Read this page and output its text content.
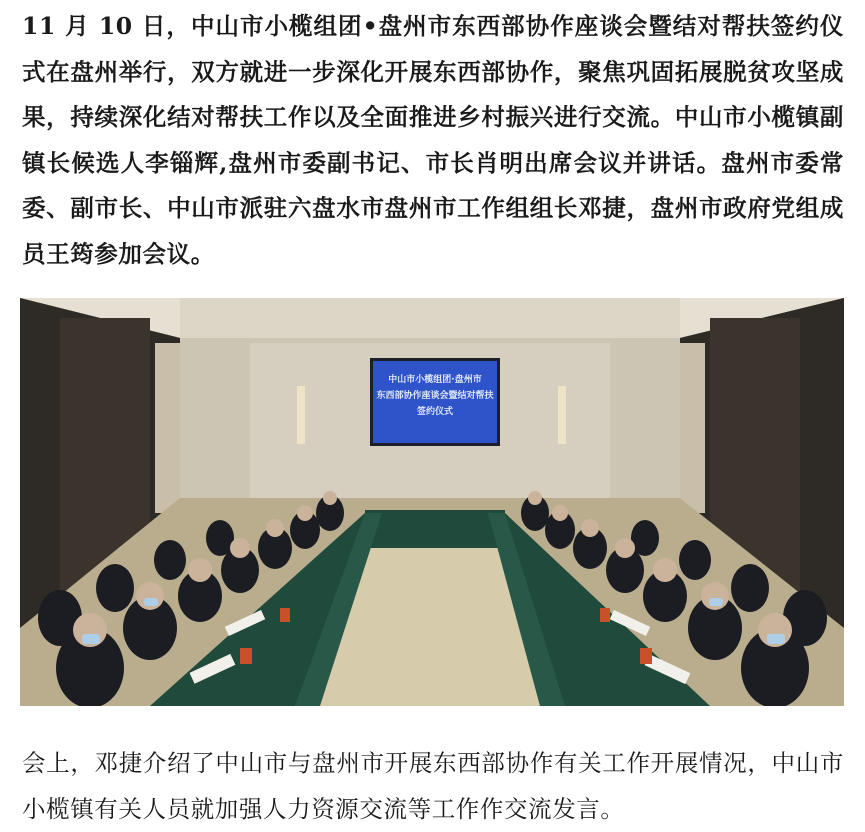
11 月 10 日，中山市小榄组团•盘州市东西部协作座谈会暨结对帮扶签约仪式在盘州举行，双方就进一步深化开展东西部协作，聚焦巩固拓展脱贫攻坚成果，持续深化结对帮扶工作以及全面推进乡村振兴进行交流。中山市小榄镇副镇长候选人李锱辉,盘州市委副书记、市长肖明出席会议并讲话。盘州市委常委、副市长、中山市派驻六盘水市盘州市工作组组长邓捷，盘州市政府党组成员王筠参加会议。

中山市小榄组团·盘州市
东西部协作座谈会暨结对帮扶
签约仪式

会上，邓捷介绍了中山市与盘州市开展东西部协作有关工作开展情况，中山市小榄镇有关人员就加强人力资源交流等工作作交流发言。
